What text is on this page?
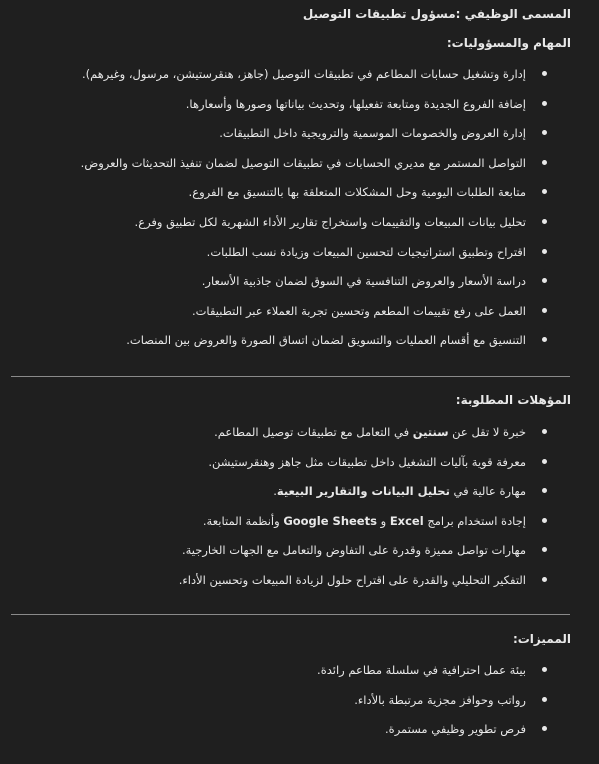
المسمى الوظيفي :مسؤول تطبيقات التوصيل
المهام والمسؤوليات:
إدارة وتشغيل حسابات المطاعم في تطبيقات التوصيل (جاهز، هنقرستيشن، مرسول، وغيرهم).
إضافة الفروع الجديدة ومتابعة تفعيلها، وتحديث بياناتها وصورها وأسعارها.
إدارة العروض والخصومات الموسمية والترويجية داخل التطبيقات.
التواصل المستمر مع مديري الحسابات في تطبيقات التوصيل لضمان تنفيذ التحديثات والعروض.
متابعة الطلبات اليومية وحل المشكلات المتعلقة بها بالتنسيق مع الفروع.
تحليل بيانات المبيعات والتقييمات واستخراج تقارير الأداء الشهرية لكل تطبيق وفرع.
اقتراح وتطبيق استراتيجيات لتحسين المبيعات وزيادة نسب الطلبات.
دراسة الأسعار والعروض التنافسية في السوق لضمان جاذبية الأسعار.
العمل على رفع تقييمات المطعم وتحسين تجربة العملاء عبر التطبيقات.
التنسيق مع أقسام العمليات والتسويق لضمان اتساق الصورة والعروض بين المنصات.
المؤهلات المطلوبة:
خبرة لا تقل عن سنتين في التعامل مع تطبيقات توصيل المطاعم.
معرفة قوية بآليات التشغيل داخل تطبيقات مثل جاهز وهنقرستيشن.
مهارة عالية في تحليل البيانات والتقارير البيعية.
إجادة استخدام برامج Excel و Google Sheets وأنظمة المتابعة.
مهارات تواصل مميزة وقدرة على التفاوض والتعامل مع الجهات الخارجية.
التفكير التحليلي والقدرة على اقتراح حلول لزيادة المبيعات وتحسين الأداء.
المميزات:
بيئة عمل احترافية في سلسلة مطاعم رائدة.
رواتب وحوافز مجزية مرتبطة بالأداء.
فرص تطوير وظيفي مستمرة.
